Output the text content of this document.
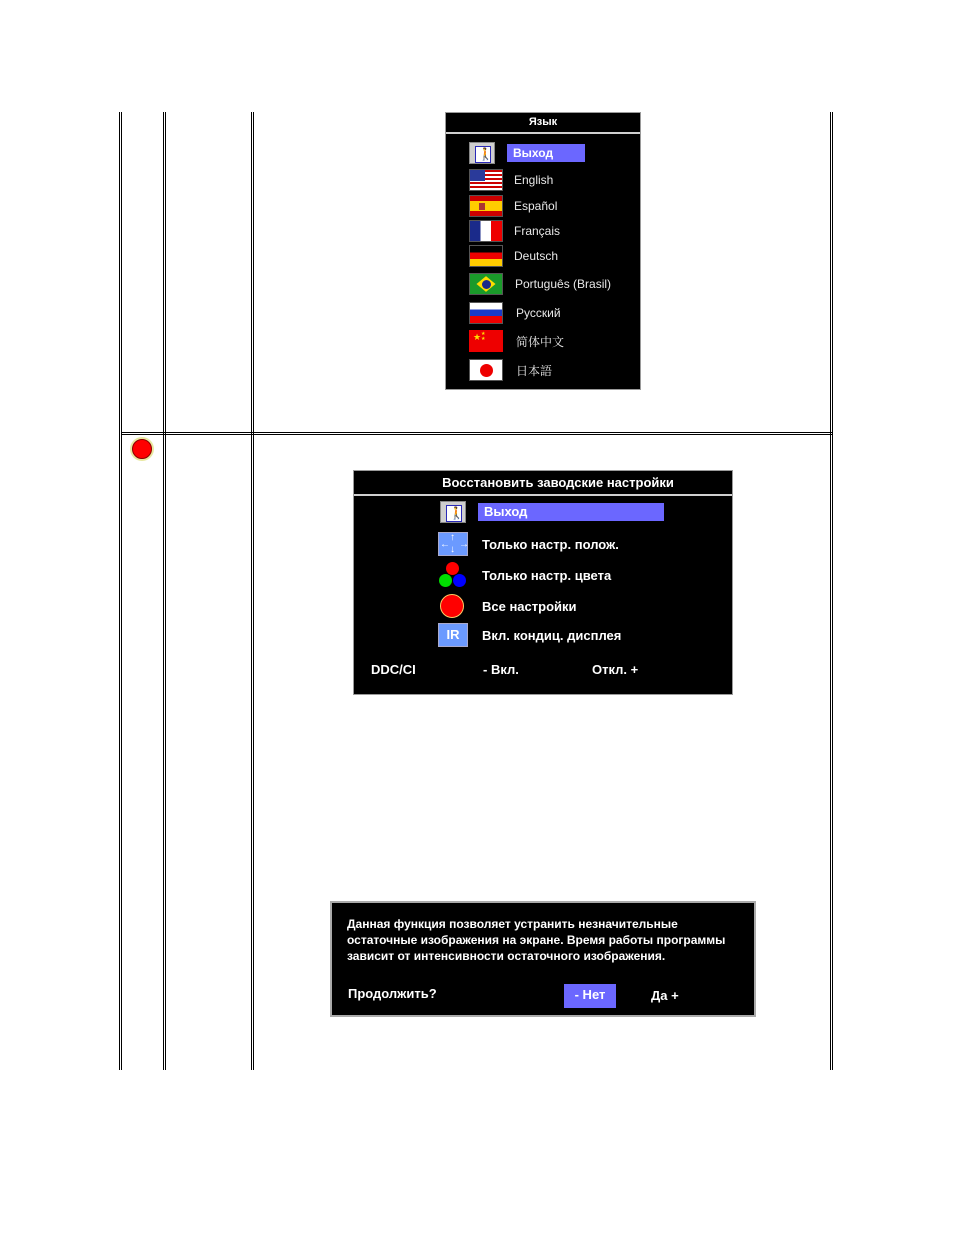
Язык
🚶	Выход
English
Español
Français
Deutsch
Português (Brasil)
Русский
★ ★
★	简体中文
日本語
Восстановить заводские настройки
🚶	Выход
↑
↓
← → Только настр. полож.
Только настр. цвета
Все настройки
IR	Вкл. кондиц. дисплея
DDC/CI	- Вкл.	Откл. +
Данная функция позволяет устранить незначительные
остаточные изображения на экране. Время работы программы
зависит от интенсивности остаточного изображения.
Продолжить?	- Нет	Да +
